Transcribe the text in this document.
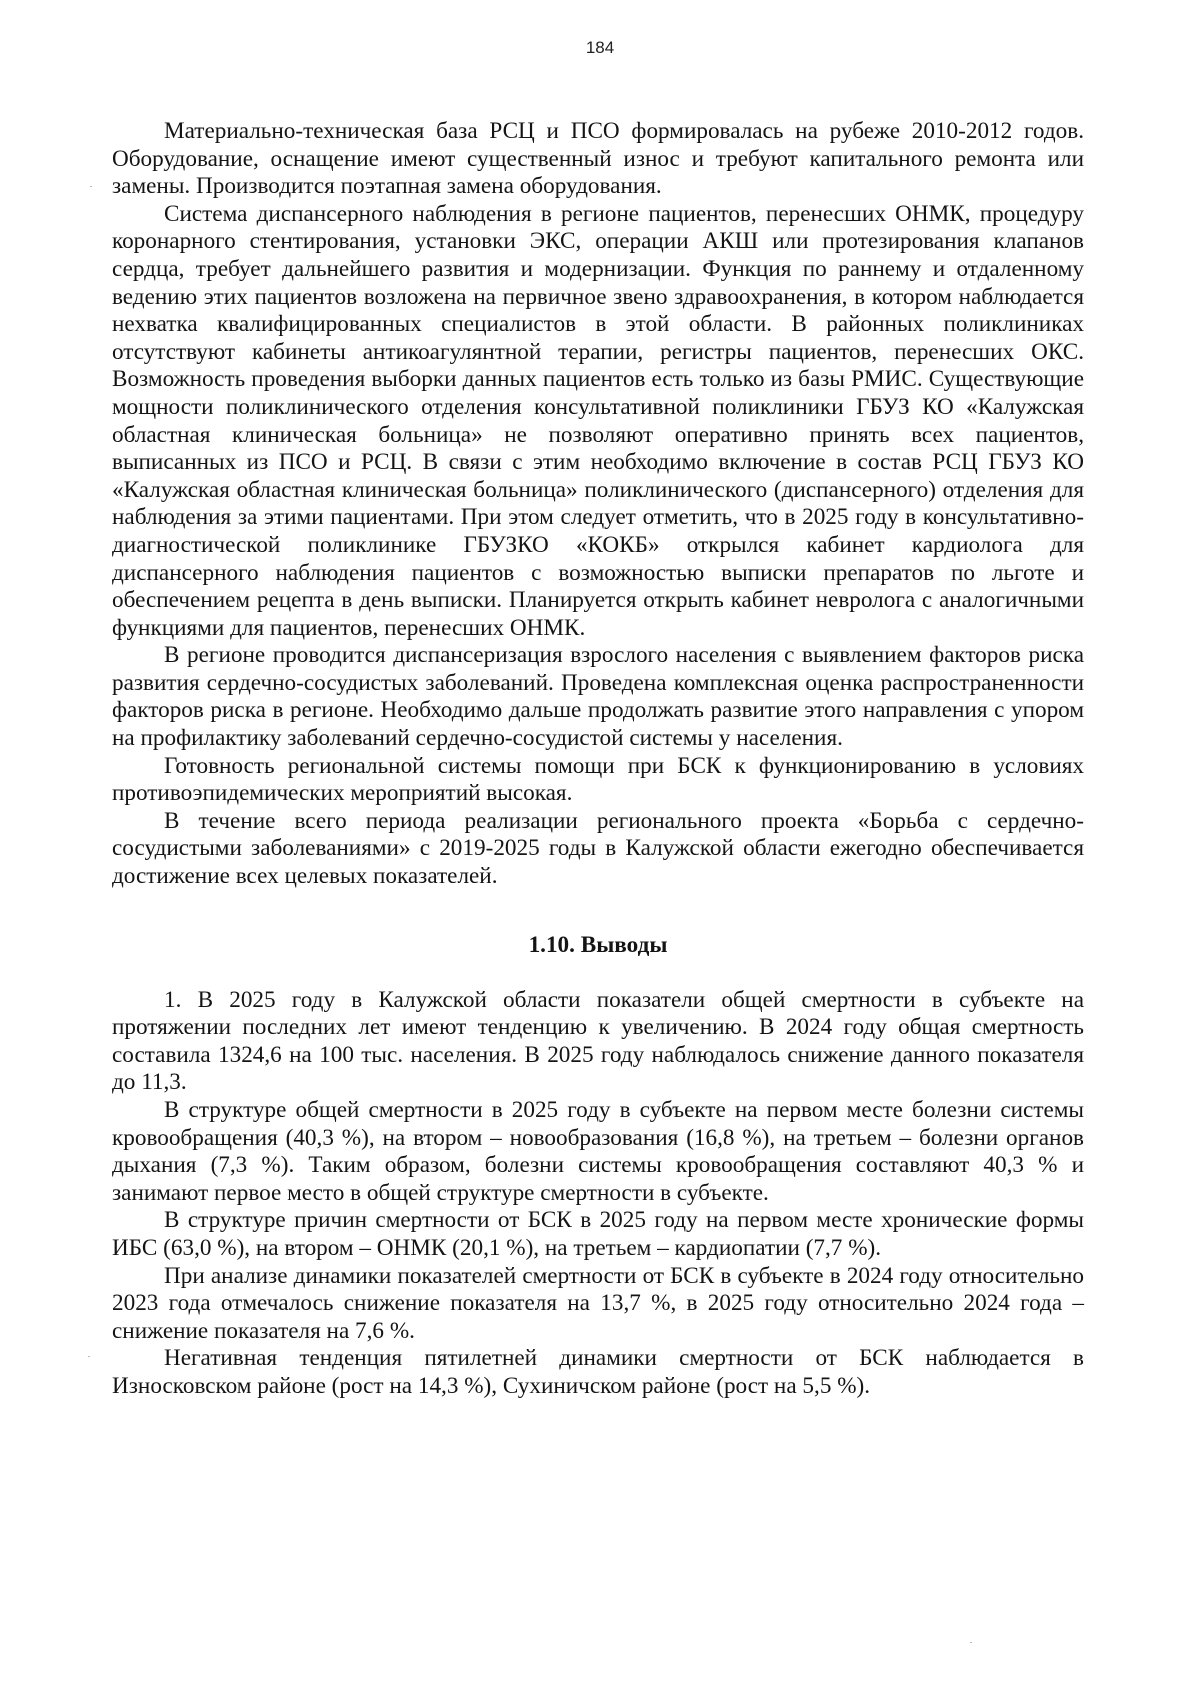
184

Материально-техническая база РСЦ и ПСО формировалась на рубеже 2010-2012 годов. Оборудование, оснащение имеют существенный износ и требуют капитального ремонта или замены. Производится поэтапная замена оборудования.

Система диспансерного наблюдения в регионе пациентов, перенесших ОНМК, процедуру коронарного стентирования, установки ЭКС, операции АКШ или протезирования клапанов сердца, требует дальнейшего развития и модернизации. Функция по раннему и отдаленному ведению этих пациентов возложена на первичное звено здравоохранения, в котором наблюдается нехватка квалифицированных специалистов в этой области. В районных поликлиниках отсутствуют кабинеты антикоагулянтной терапии, регистры пациентов, перенесших ОКС. Возможность проведения выборки данных пациентов есть только из базы РМИС. Существующие мощности поликлинического отделения консультативной поликлиники ГБУЗ КО «Калужская областная клиническая больница» не позволяют оперативно принять всех пациентов, выписанных из ПСО и РСЦ. В связи с этим необходимо включение в состав РСЦ ГБУЗ КО «Калужская областная клиническая больница» поликлинического (диспансерного) отделения для наблюдения за этими пациентами. При этом следует отметить, что в 2025 году в консультативно-диагностической поликлинике ГБУЗКО «КОКБ» открылся кабинет кардиолога для диспансерного наблюдения пациентов с возможностью выписки препаратов по льготе и обеспечением рецепта в день выписки. Планируется открыть кабинет невролога с аналогичными функциями для пациентов, перенесших ОНМК.

В регионе проводится диспансеризация взрослого населения с выявлением факторов риска развития сердечно-сосудистых заболеваний. Проведена комплексная оценка распространенности факторов риска в регионе. Необходимо дальше продолжать развитие этого направления с упором на профилактику заболеваний сердечно-сосудистой системы у населения.

Готовность региональной системы помощи при БСК к функционированию в условиях противоэпидемических мероприятий высокая.

В течение всего периода реализации регионального проекта «Борьба с сердечно-сосудистыми заболеваниями» с 2019-2025 годы в Калужской области ежегодно обеспечивается достижение всех целевых показателей.

1.10. Выводы

1. В 2025 году в Калужской области показатели общей смертности в субъекте на протяжении последних лет имеют тенденцию к увеличению. В 2024 году общая смертность составила 1324,6 на 100 тыс. населения. В 2025 году наблюдалось снижение данного показателя до 11,3.

В структуре общей смертности в 2025 году в субъекте на первом месте болезни системы кровообращения (40,3 %), на втором – новообразования (16,8 %), на третьем – болезни органов дыхания (7,3 %). Таким образом, болезни системы кровообращения составляют 40,3 % и занимают первое место в общей структуре смертности в субъекте.

В структуре причин смертности от БСК в 2025 году на первом месте хронические формы ИБС (63,0 %), на втором – ОНМК (20,1 %), на третьем – кардиопатии (7,7 %).

При анализе динамики показателей смертности от БСК в субъекте в 2024 году относительно 2023 года отмечалось снижение показателя на 13,7 %, в 2025 году относительно 2024 года – снижение показателя на 7,6 %.

Негативная тенденция пятилетней динамики смертности от БСК наблюдается в Износковском районе (рост на 14,3 %), Сухиничском районе (рост на 5,5 %).
